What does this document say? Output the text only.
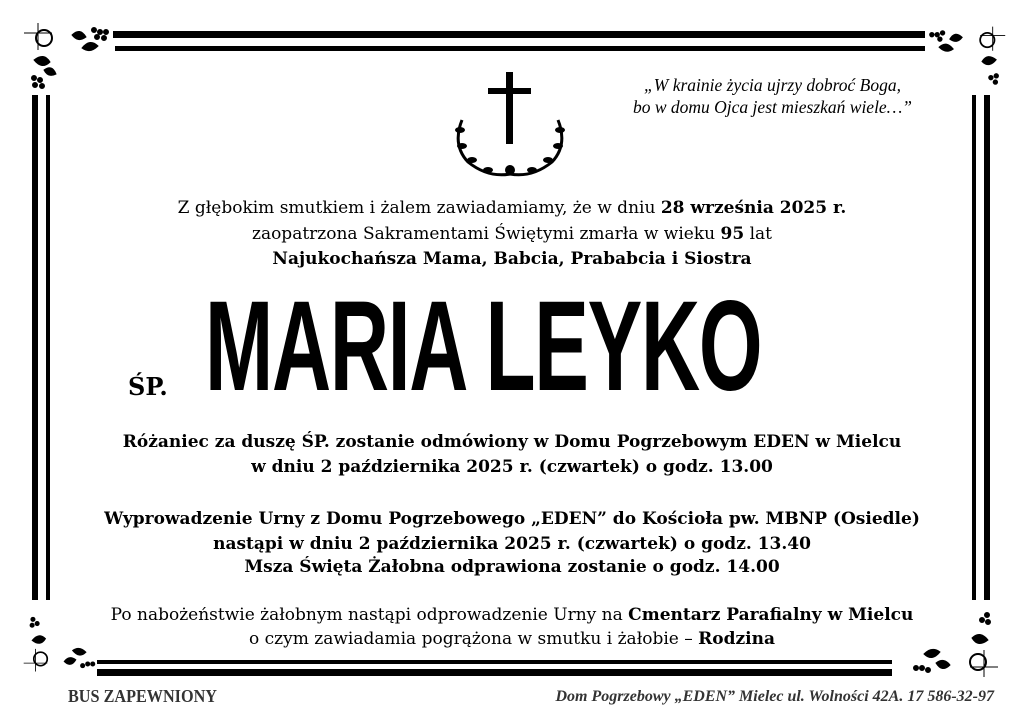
„W krainie życia ujrzy dobroć Boga,
bo w domu Ojca jest mieszkań wiele…”
Z głębokim smutkiem i żalem zawiadamiamy, że w dniu 28 września 2025 r.
zaopatrzona Sakramentami Świętymi zmarła w wieku 95 lat
Najukochańsza Mama, Babcia, Prababcia i Siostra
ŚP. MARIA LEYKO
Różaniec za duszę ŚP. zostanie odmówiony w Domu Pogrzebowym EDEN w Mielcu
w dniu 2 października 2025 r. (czwartek) o godz. 13.00
Wyprowadzenie Urny z Domu Pogrzebowego „EDEN” do Kościoła pw. MBNP (Osiedle)
nastąpi w dniu 2 października 2025 r. (czwartek) o godz. 13.40
Msza Święta Żałobna odprawiona zostanie o godz. 14.00
Po nabożeństwie żałobnym nastąpi odprowadzenie Urny na Cmentarz Parafialny w Mielcu
o czym zawiadamia pogrążona w smutku i żałobie – Rodzina
BUS ZAPEWNIONY	Dom Pogrzebowy „EDEN” Mielec ul. Wolności 42A. 17 586-32-97
